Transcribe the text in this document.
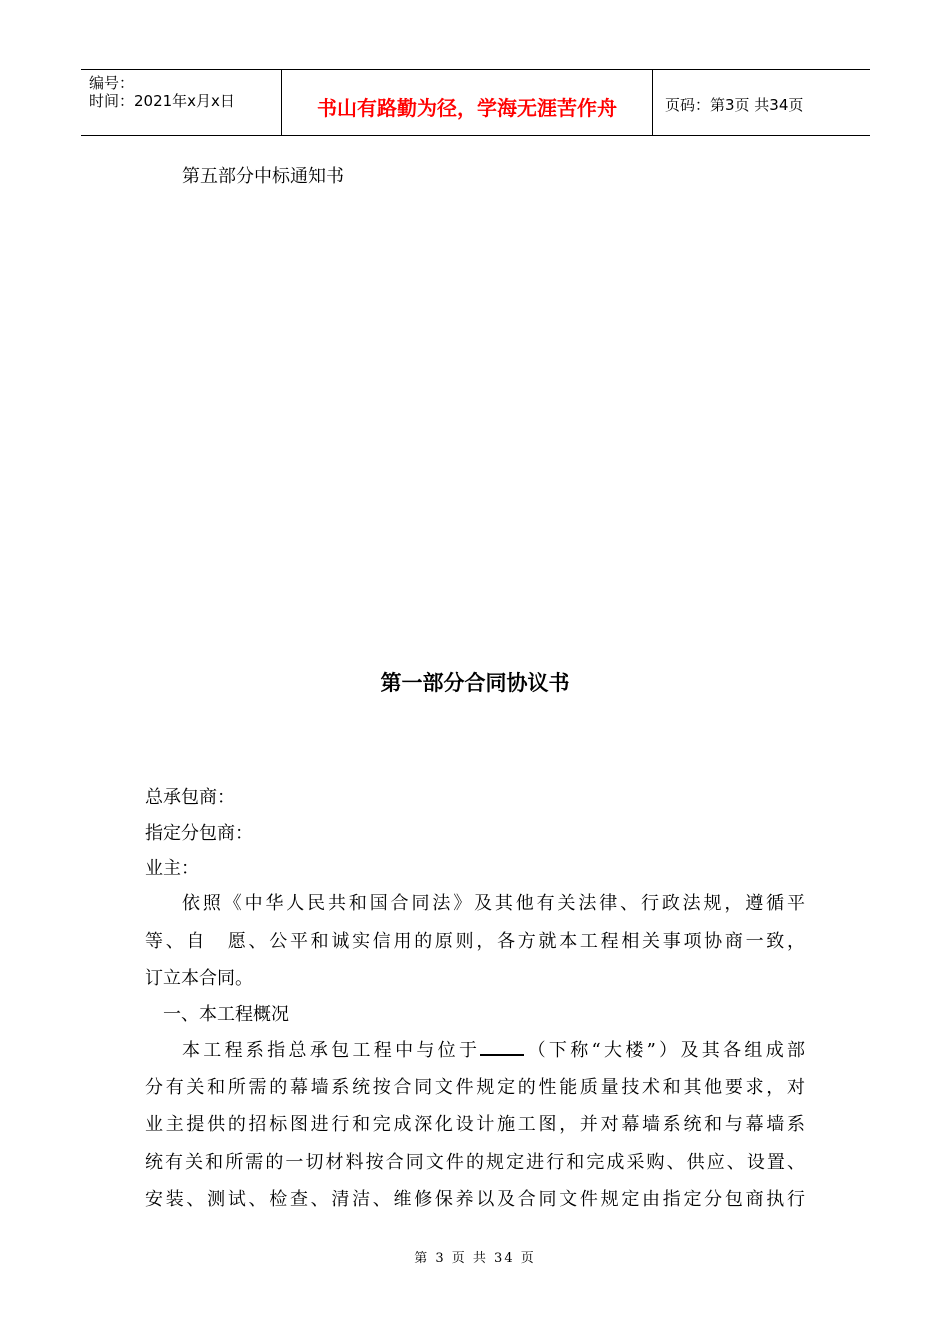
编号：
时间：2021年x月x日	书山有路勤为径，学海无涯苦作舟	页码：第3页 共34页
第五部分中标通知书
第一部分合同协议书
总承包商：
指定分包商：
业主：
依照《中华人民共和国合同法》及其他有关法律、行政法规，遵循平
等、自　愿、公平和诚实信用的原则，各方就本工程相关事项协商一致，
订立本合同。
一、本工程概况
本工程系指总承包工程中与位于 （下称“大楼”）及其各组成部
分有关和所需的幕墙系统按合同文件规定的性能质量技术和其他要求，对
业主提供的招标图进行和完成深化设计施工图，并对幕墙系统和与幕墙系
统有关和所需的一切材料按合同文件的规定进行和完成采购、供应、设置、
安装、测试、检查、清洁、维修保养以及合同文件规定由指定分包商执行
第 3 页 共 34 页
